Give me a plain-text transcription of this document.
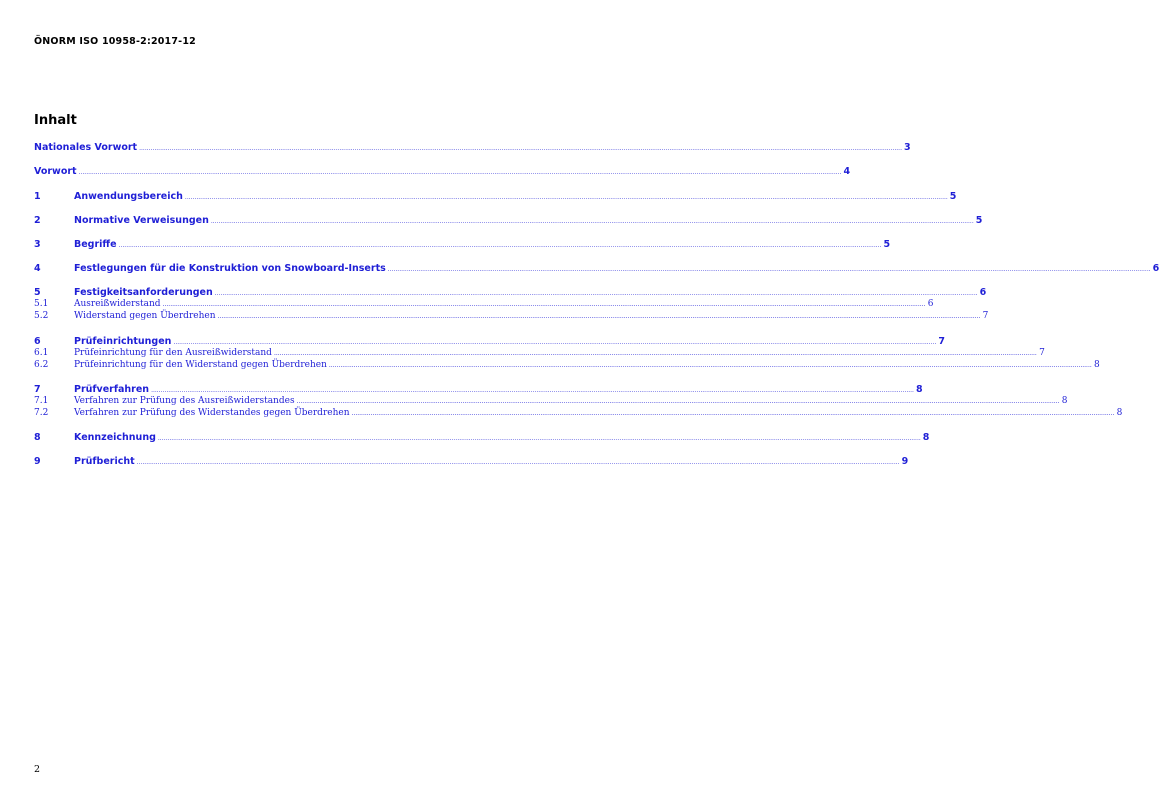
ÖNORM ISO 10958-2:2017-12
Inhalt
Nationales Vorwort ................................................................................................................................................................................................................................................................................................................................................................................................................ 3
Vorwort ................................................................................................................................................................................................................................................................................................................................................................................................................ 4
1	Anwendungsbereich ................................................................................................................................................................................................................................................................................................................................................................................................................ 5
2	Normative Verweisungen ................................................................................................................................................................................................................................................................................................................................................................................................................ 5
3	Begriffe ................................................................................................................................................................................................................................................................................................................................................................................................................ 5
4	Festlegungen für die Konstruktion von Snowboard-Inserts ................................................................................................................................................................................................................................................................................................................................................................................................................ 6
5	Festigkeitsanforderungen ................................................................................................................................................................................................................................................................................................................................................................................................................ 6
5.1	Ausreißwiderstand ................................................................................................................................................................................................................................................................................................................................................................................................................ 6
5.2	Widerstand gegen Überdrehen ................................................................................................................................................................................................................................................................................................................................................................................................................ 7
6	Prüfeinrichtungen ................................................................................................................................................................................................................................................................................................................................................................................................................ 7
6.1	Prüfeinrichtung für den Ausreißwiderstand ................................................................................................................................................................................................................................................................................................................................................................................................................ 7
6.2	Prüfeinrichtung für den Widerstand gegen Überdrehen ................................................................................................................................................................................................................................................................................................................................................................................................................ 8
7	Prüfverfahren ................................................................................................................................................................................................................................................................................................................................................................................................................ 8
7.1	Verfahren zur Prüfung des Ausreißwiderstandes ................................................................................................................................................................................................................................................................................................................................................................................................................ 8
7.2	Verfahren zur Prüfung des Widerstandes gegen Überdrehen ................................................................................................................................................................................................................................................................................................................................................................................................................ 8
8	Kennzeichnung ................................................................................................................................................................................................................................................................................................................................................................................................................ 8
9	Prüfbericht ................................................................................................................................................................................................................................................................................................................................................................................................................ 9
2
